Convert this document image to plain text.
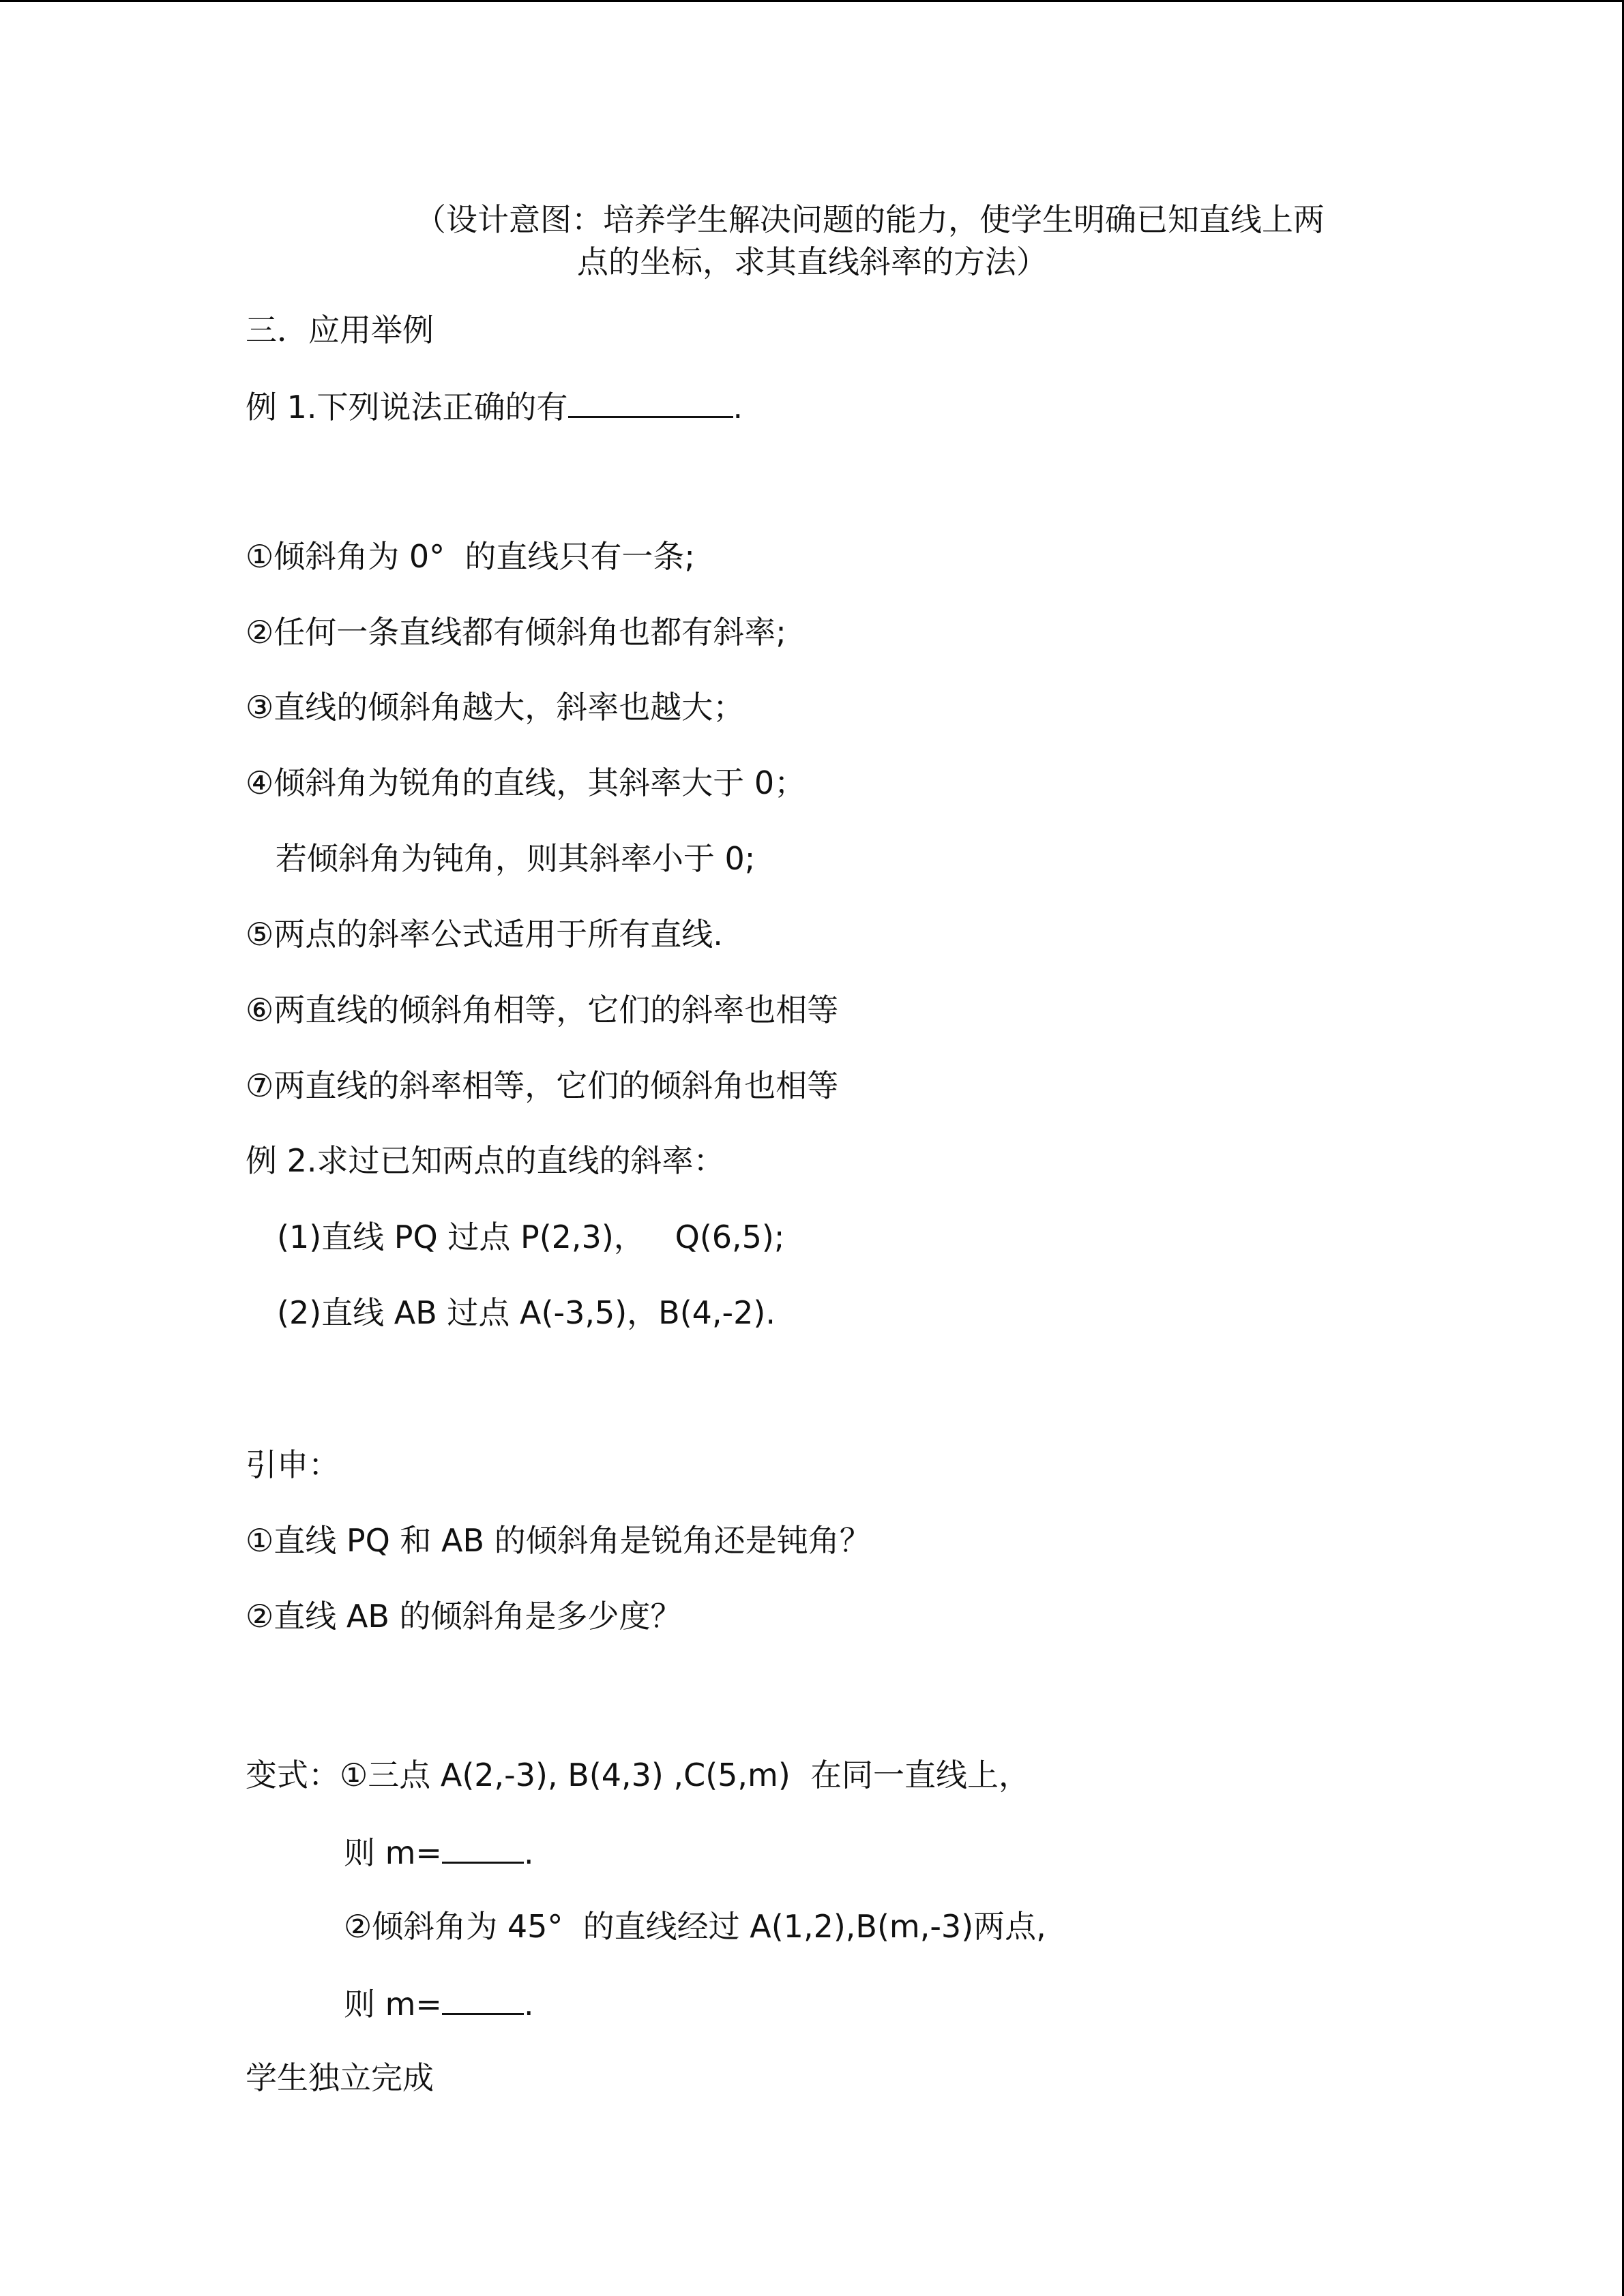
（设计意图：培养学生解决问题的能力，使学生明确已知直线上两
点的坐标，求其直线斜率的方法）
三．应用举例
例 1.下列说法正确的有	.
①倾斜角为 0°  的直线只有一条;
②任何一条直线都有倾斜角也都有斜率;
③直线的倾斜角越大，斜率也越大；
④倾斜角为锐角的直线，其斜率大于 0；
若倾斜角为钝角，则其斜率小于 0;
⑤两点的斜率公式适用于所有直线.
⑥两直线的倾斜角相等，它们的斜率也相等
⑦两直线的斜率相等，它们的倾斜角也相等
例 2.求过已知两点的直线的斜率：
(1)直线 PQ 过点 P(2,3)，   Q(6,5);
(2)直线 AB 过点 A(-3,5)，B(4,-2).
引申：
①直线 PQ 和 AB 的倾斜角是锐角还是钝角？
②直线 AB 的倾斜角是多少度？
变式：①三点 A(2,-3), B(4,3) ,C(5,m)  在同一直线上，
则 m=	.
②倾斜角为 45°  的直线经过 A(1,2),B(m,-3)两点,
则 m=	.
学生独立完成
